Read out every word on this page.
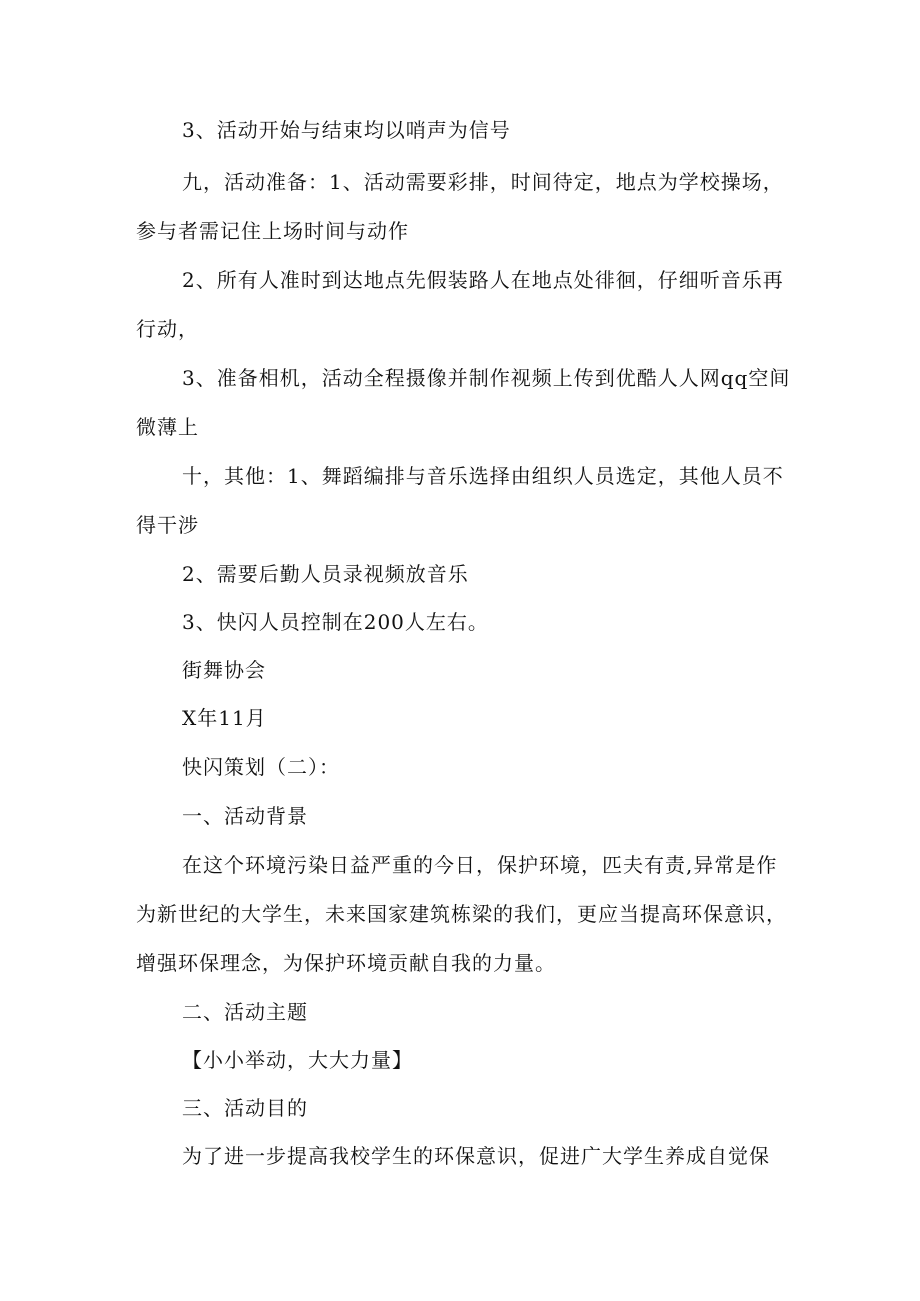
3、活动开始与结束均以哨声为信号
九，活动准备：1、活动需要彩排，时间待定，地点为学校操场，
参与者需记住上场时间与动作
2、所有人准时到达地点先假装路人在地点处徘徊，仔细听音乐再
行动，
3、准备相机，活动全程摄像并制作视频上传到优酷人人网qq空间
微薄上
十，其他：1、舞蹈编排与音乐选择由组织人员选定，其他人员不
得干涉
2、需要后勤人员录视频放音乐
3、快闪人员控制在200人左右。
街舞协会
X年11月
快闪策划（二）：
一、活动背景
在这个环境污染日益严重的今日，保护环境，匹夫有责,异常是作
为新世纪的大学生，未来国家建筑栋梁的我们，更应当提高环保意识，
增强环保理念，为保护环境贡献自我的力量。
二、活动主题
【小小举动，大大力量】
三、活动目的
为了进一步提高我校学生的环保意识，促进广大学生养成自觉保
